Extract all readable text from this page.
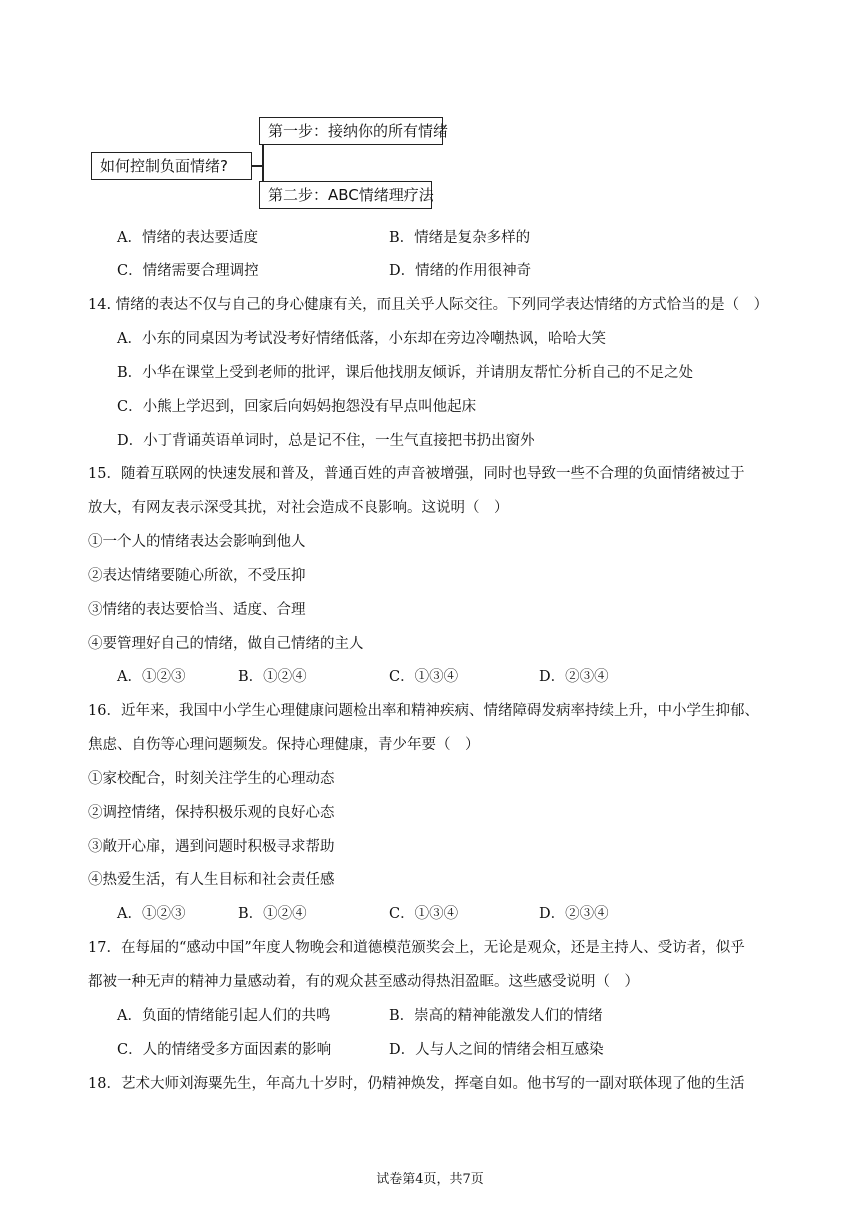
如何控制负面情绪?
第一步：接纳你的所有情绪
第二步：ABC情绪理疗法
A．情绪的表达要适度	B．情绪是复杂多样的
C．情绪需要合理调控	D．情绪的作用很神奇
14. 情绪的表达不仅与自己的身心健康有关，而且关乎人际交往。下列同学表达情绪的方式恰当的是（　）
A．小东的同桌因为考试没考好情绪低落，小东却在旁边冷嘲热讽，哈哈大笑
B．小华在课堂上受到老师的批评，课后他找朋友倾诉，并请朋友帮忙分析自己的不足之处
C．小熊上学迟到，回家后向妈妈抱怨没有早点叫他起床
D．小丁背诵英语单词时，总是记不住，一生气直接把书扔出窗外
15．随着互联网的快速发展和普及，普通百姓的声音被增强，同时也导致一些不合理的负面情绪被过于
放大，有网友表示深受其扰，对社会造成不良影响。这说明（　）
①一个人的情绪表达会影响到他人
②表达情绪要随心所欲，不受压抑
③情绪的表达要恰当、适度、合理
④要管理好自己的情绪，做自己情绪的主人
A．①②③	B．①②④	C．①③④	D．②③④
16．近年来，我国中小学生心理健康问题检出率和精神疾病、情绪障碍发病率持续上升，中小学生抑郁、
焦虑、自伤等心理问题频发。保持心理健康，青少年要（　）
①家校配合，时刻关注学生的心理动态
②调控情绪，保持积极乐观的良好心态
③敞开心扉，遇到问题时积极寻求帮助
④热爱生活，有人生目标和社会责任感
A．①②③	B．①②④	C．①③④	D．②③④
17．在每届的“感动中国”年度人物晚会和道德模范颁奖会上，无论是观众，还是主持人、受访者，似乎
都被一种无声的精神力量感动着，有的观众甚至感动得热泪盈眶。这些感受说明（　）
A．负面的情绪能引起人们的共鸣	B．崇高的精神能激发人们的情绪
C．人的情绪受多方面因素的影响	D．人与人之间的情绪会相互感染
18．艺术大师刘海粟先生，年高九十岁时，仍精神焕发，挥毫自如。他书写的一副对联体现了他的生活
试卷第4页，共7页
